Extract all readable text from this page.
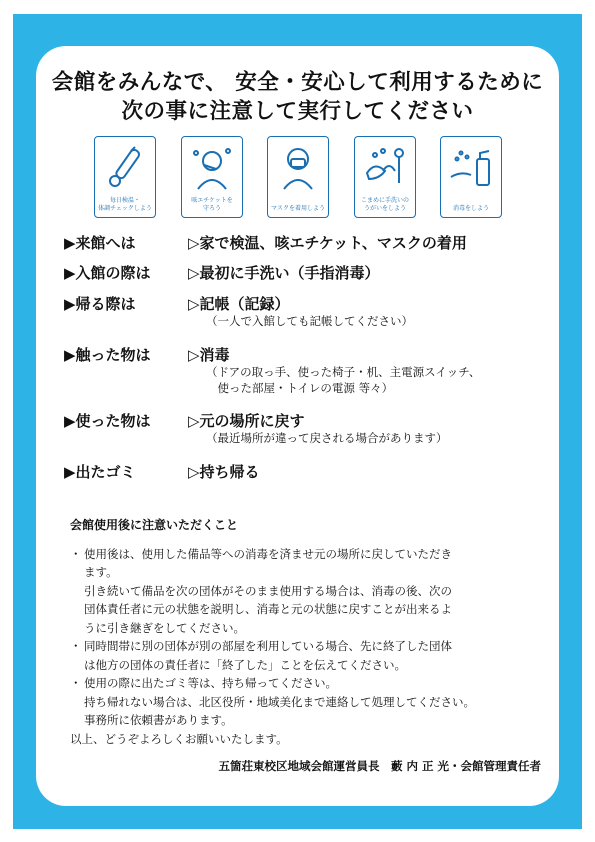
会館をみんなで、 安全・安心して利用するために
次の事に注意して実行してください
毎日検温・
体調チェックしよう
咳エチケットを
守ろう	マスクを着用しよう
こまめに手洗いの
うがいをしよう	消毒をしよう
▶来館へは	▷家で検温、咳エチケット、マスクの着用
▶入館の際は ▷最初に手洗い（手指消毒）
▶帰る際は	▷記帳（記録）
（一人で入館しても記帳してください）
▶触った物は ▷消毒
（ドアの取っ手、使った椅子・机、主電源スイッチ、
　使った部屋・トイレの電源 等々）
▶使った物は ▷元の場所に戻す
（最近場所が違って戻される場合があります）
▶出たゴミ	▷持ち帰る
会館使用後に注意いただくこと
・ 使用後は、使用した備品等への消毒を済ませ元の場所に戻していただき
ます。
引き続いて備品を次の団体がそのまま使用する場合は、消毒の後、次の
団体責任者に元の状態を説明し、消毒と元の状態に戻すことが出来るよ
うに引き継ぎをしてください。
・ 同時間帯に別の団体が別の部屋を利用している場合、先に終了した団体
は他方の団体の責任者に「終了した」ことを伝えてください。
・ 使用の際に出たゴミ等は、持ち帰ってください。
持ち帰れない場合は、北区役所・地域美化まで連絡して処理してください。
事務所に依頼書があります。
以上、どうぞよろしくお願いいたします。
五箇荘東校区地域会館運営員長　藪 内 正 光・会館管理責任者
